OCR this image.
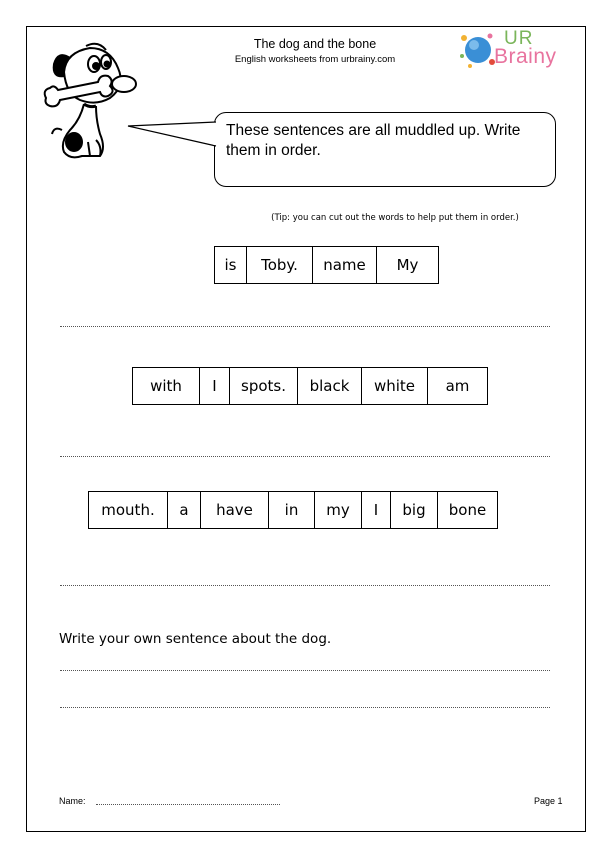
The dog and the bone
English worksheets from urbrainy.com
UR
Brainy
These sentences are all muddled up. Write them in order.
(Tip: you can cut out the words to help put them in order.)
is	Toby.	name	My
with	I	spots.	black	white	am
mouth.	a	have	in	my	I	big	bone
Write your own sentence about the dog.
Name:	Page 1
